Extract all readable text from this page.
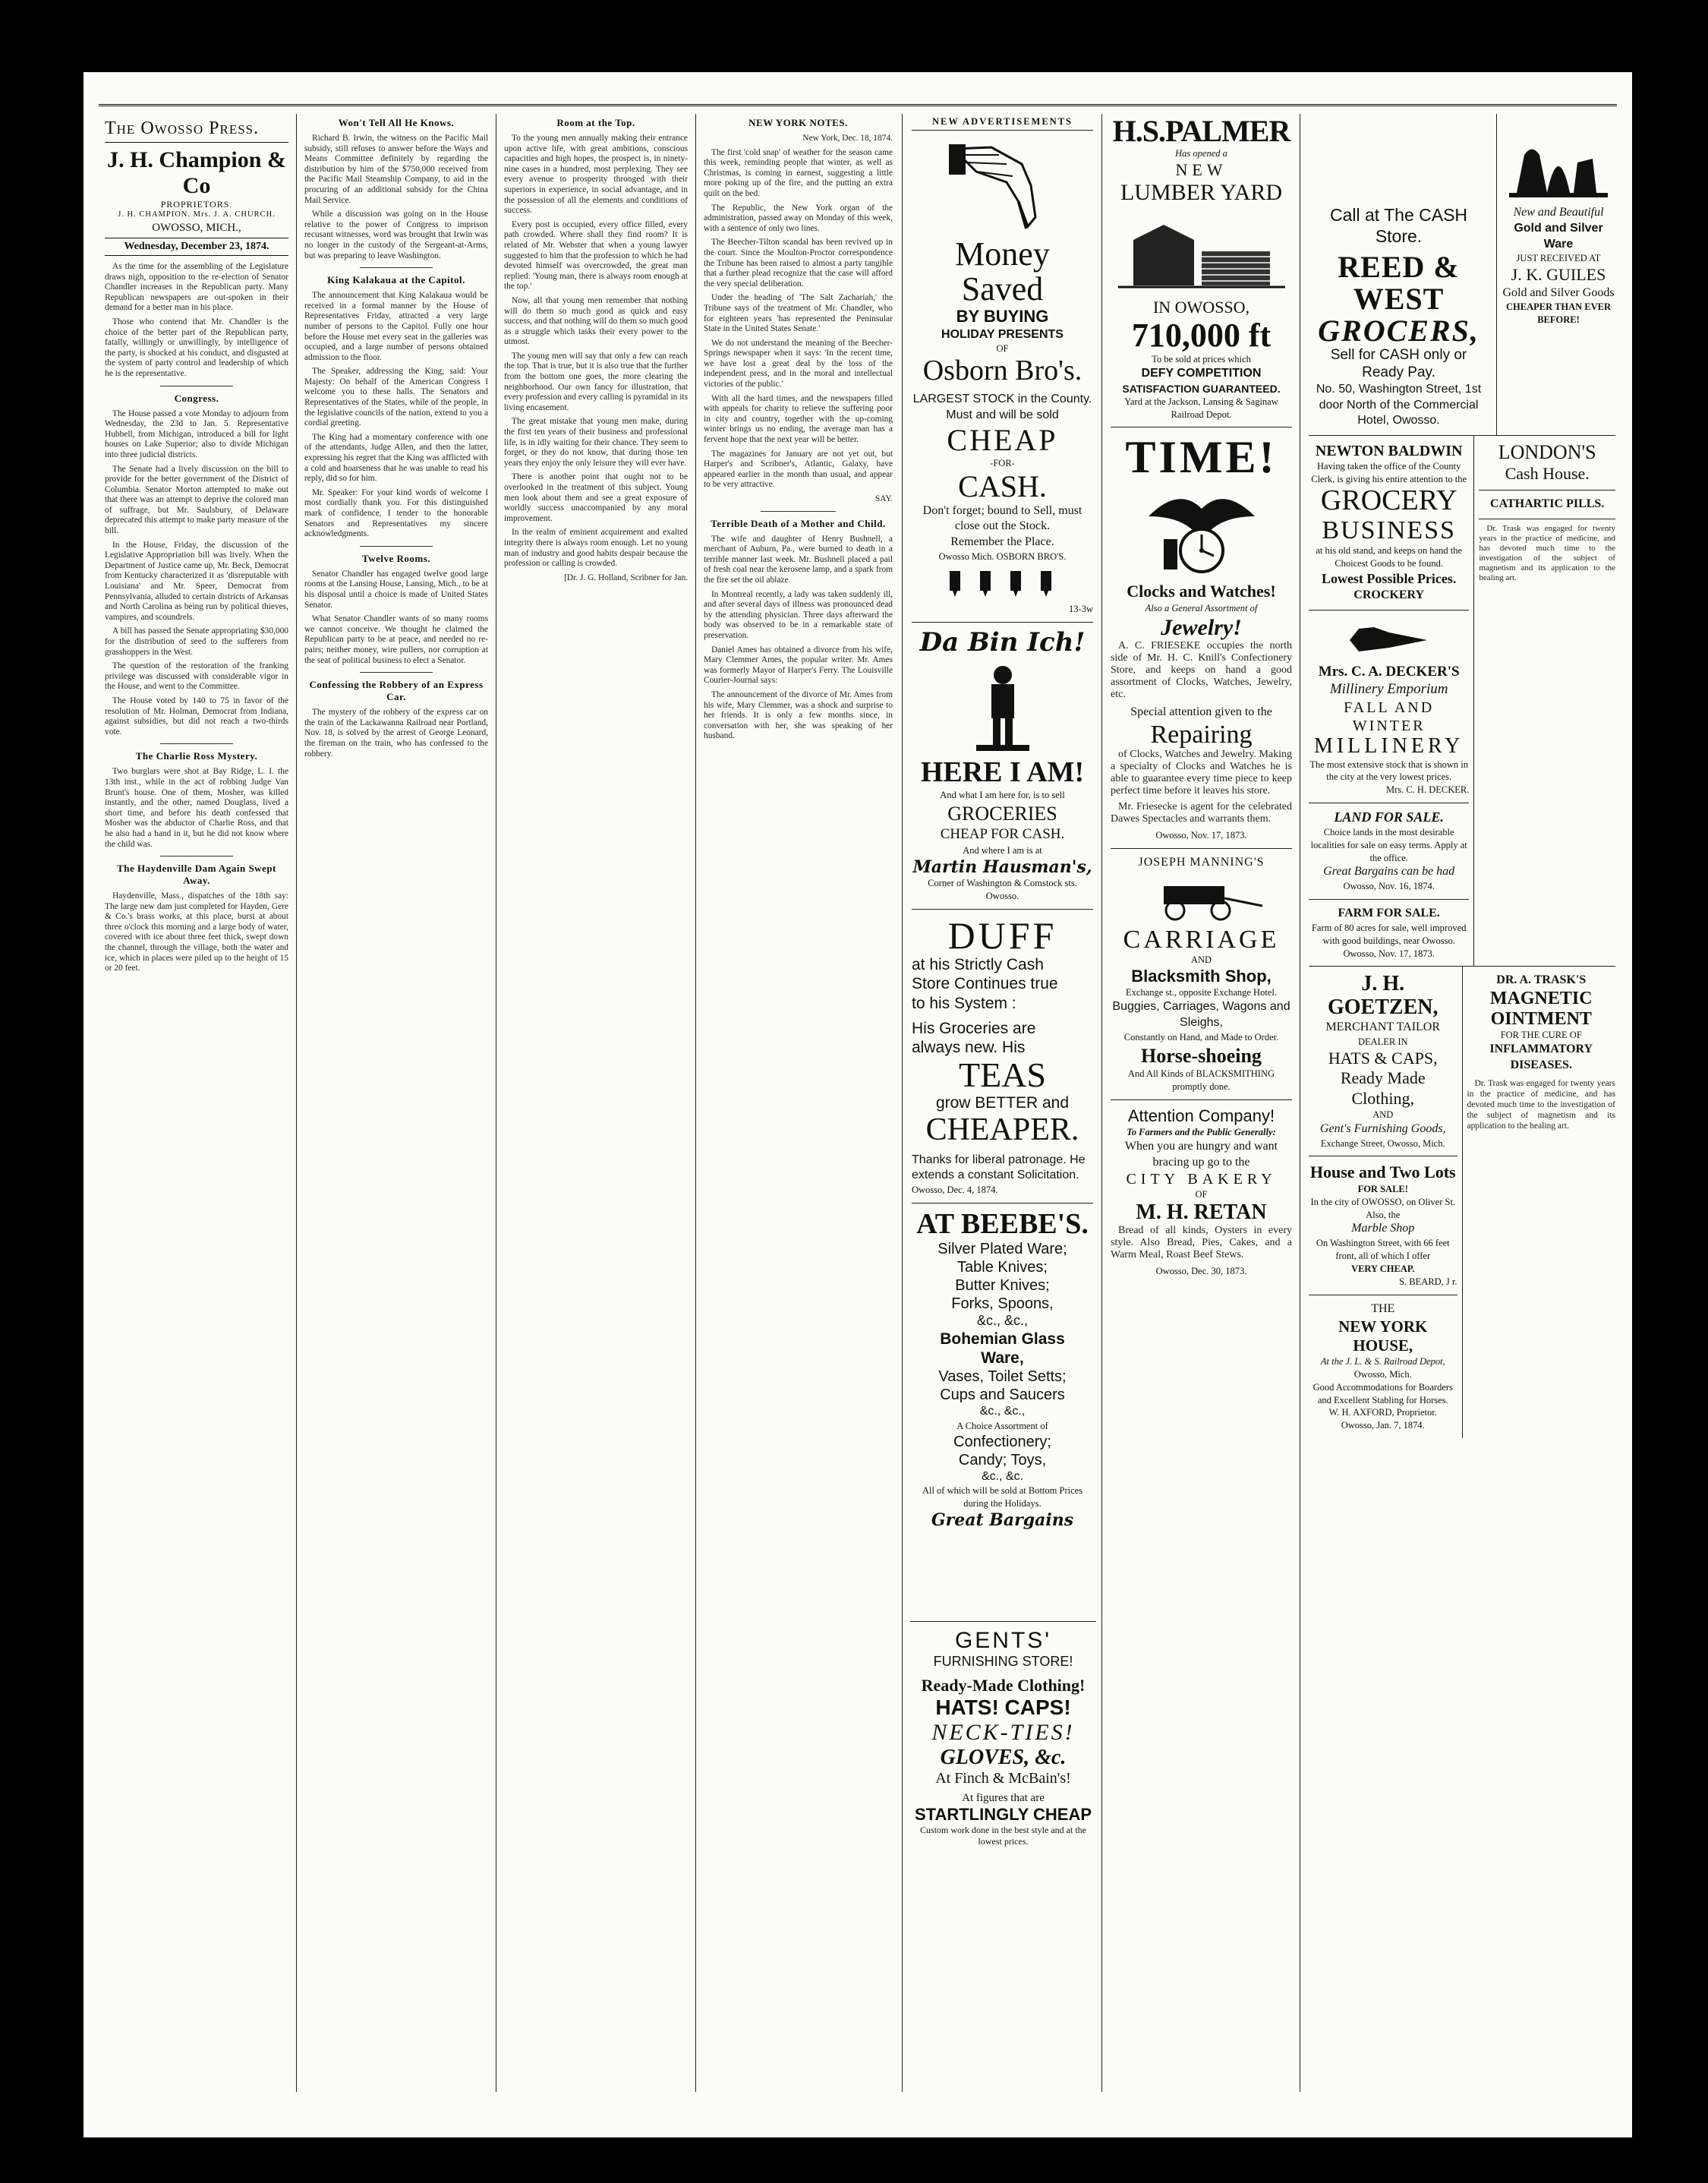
The Owosso Press.
J. H. Champion & Co
PROPRIETORS.
J. H. CHAMPION. Mrs. J. A. CHURCH.
OWOSSO, MICH.,
Wednesday, December 23, 1874.

As the time for the assembling of the Legislature draws nigh, opposition to the re-election of Senator Chandler increases in the Republican party. Many Republican newspapers are out-spoken in their demand for a better man in his place.

Those who contend that Mr. Chandler is the choice of the better part of the Republican party, fatally, willingly or unwillingly, by intelligence of the party, is shocked at his conduct, and disgusted at the system of party control and leadership of which he is the representative.

Congress.

The House passed a vote Monday to adjourn from Wednesday, the 23d to Jan. 5. Representative Hubbell, from Michigan, introduced a bill for light houses on Lake Superior; also to divide Michigan into three judicial districts.

The Senate had a lively discussion on the bill to provide for the better government of the District of Columbia. Senator Morton attempted to make out that there was an attempt to deprive the colored man of suffrage, but Mr. Saulsbury, of Delaware deprecated this attempt to make party measure of the bill.

In the House, Friday, the discussion of the Legislative Appropriation bill was lively. When the Department of Justice came up, Mr. Beck, Democrat from Kentucky characterized it as 'disreputable with Louisiana' and Mr. Speer, Democrat from Pennsylvania, alluded to certain districts of Arkansas and North Carolina as being run by political thieves, vampires, and scoundrels.

A bill has passed the Senate appropriating $30,000 for the distribution of seed to the sufferers from grasshoppers in the West.

The question of the restoration of the franking privilege was discussed with considerable vigor in the House, and went to the Committee.

The House voted by 140 to 75 in favor of the resolution of Mr. Holman, Democrat from Indiana, against subsidies, but did not reach a two-thirds vote.

The Charlie Ross Mystery.

Two burglars were shot at Bay Ridge, L. I. the 13th inst., while in the act of robbing Judge Van Brunt's house. One of them, Mosher, was killed instantly, and the other, named Douglass, lived a short time, and before his death confessed that Mosher was the abductor of Charlie Ross, and that he also had a hand in it, but he did not know where the child was.

The Haydenville Dam Again Swept Away.

Haydenville, Mass., dispatches of the 18th say: The large new dam just completed for Hayden, Gere & Co.'s brass works, at this place, burst at about three o'clock this morning and a large body of water, covered with ice about three feet thick, swept down the channel, through the village, both the water and ice, which in places were piled up to the height of 15 or 20 feet.

Won't Tell All He Knows.

Richard B. Irwin, the witness on the Pacific Mail subsidy, still refuses to answer before the Ways and Means Committee definitely by regarding the distribution by him of the $750,000 received from the Pacific Mail Steamship Company, to aid in the procuring of an additional subsidy for the China Mail Service.

While a discussion was going on in the House relative to the power of Congress to imprison recusant witnesses, word was brought that Irwin was no longer in the custody of the Sergeant-at-Arms, but was preparing to leave Washington.

King Kalakaua at the Capitol.

The announcement that King Kalakaua would be received in a formal manner by the House of Representatives Friday, attracted a very large number of persons to the Capitol. Fully one hour before the House met every seat in the galleries was occupied, and a large number of persons obtained admission to the floor.

The Speaker, addressing the King, said: Your Majesty: On behalf of the American Congress I welcome you to these halls. The Senators and Representatives of the States, while of the people, in the legislative councils of the nation, extend to you a cordial greeting.

The King had a momentary conference with one of the attendants, Judge Allen, and then the latter, expressing his regret that the King was afflicted with a cold and hoarseness that he was unable to read his reply, did so for him.

Mr. Speaker: For your kind words of welcome I most cordially thank you. For this distinguished mark of confidence, I tender to the honorable Senators and Representatives my sincere acknowledgments.

Twelve Rooms.

Senator Chandler has engaged twelve good large rooms at the Lansing House, Lansing, Mich., to be at his disposal until a choice is made of United States Senator.

What Senator Chandler wants of so many rooms we cannot conceive. We thought he claimed the Republican party to be at peace, and needed no re-pairs; neither money, wire pullers, nor corruption at the seat of political business to elect a Senator.

Confessing the Robbery of an Express Car.

The mystery of the robbery of the express car on the train of the Lackawanna Railroad near Portland, Nov. 18, is solved by the arrest of George Leonard, the fireman on the train, who has confessed to the robbery.

Room at the Top.

To the young men annually making their entrance upon active life, with great ambitions, conscious capacities and high hopes, the prospect is, in ninety-nine cases in a hundred, most perplexing. They see every avenue to prosperity thronged with their superiors in experience, in social advantage, and in the possession of all the elements and conditions of success.

Every post is occupied, every office filled, every path crowded. Where shall they find room? It is related of Mr. Webster that when a young lawyer suggested to him that the profession to which he had devoted himself was overcrowded, the great man replied: 'Young man, there is always room enough at the top.'

Now, all that young men remember that nothing will do them so much good as quick and easy success, and that nothing will do them so much good as a struggle which tasks their every power to the utmost.

The young men will say that only a few can reach the top. That is true, but it is also true that the further from the bottom one goes, the more clearing the neighborhood. Our own fancy for illustration, that every profession and every calling is pyramidal in its living encasement.

The great mistake that young men make, during the first ten years of their business and professional life, is in idly waiting for their chance. They seem to forget, or they do not know, that during those ten years they enjoy the only leisure they will ever have.

There is another point that ought not to be overlooked in the treatment of this subject. Young men look about them and see a great exposure of worldly success unaccompanied by any moral improvement.

In the realm of eminent acquirement and exalted integrity there is always room enough. Let no young man of industry and good habits despair because the profession or calling is crowded.

[Dr. J. G. Holland, Scribner for Jan.

NEW YORK NOTES.

New York, Dec. 18, 1874.

The first 'cold snap' of weather for the season came this week, reminding people that winter, as well as Christmas, is coming in earnest, suggesting a little more poking up of the fire, and the putting an extra quilt on the bed.

The Republic, the New York organ of the administration, passed away on Monday of this week, with a sentence of only two lines.

The Beecher-Tilton scandal has been revived up in the court. Since the Moulton-Proctor correspondence the Tribune has been raised to almost a party tangible that a further plead recognize that the case will afford the very special deliberation.

Under the heading of 'The Salt Zachariah,' the Tribune says of the treatment of Mr. Chandler, who for eighteen years 'has represented the Peninsular State in the United States Senate.'

We do not understand the meaning of the Beecher-Springs newspaper when it says: 'In the recent time, we have lost a great deal by the loss of the independent press, and in the moral and intellectual victories of the public.'

With all the hard times, and the newspapers filled with appeals for charity to relieve the suffering poor in city and country, together with the up-coming winter brings us no ending, the average man has a fervent hope that the next year will be better.

The magazines for January are not yet out, but Harper's and Scribner's, Atlantic, Galaxy, have appeared earlier in the month than usual, and appear to be very attractive.

SAY.

Terrible Death of a Mother and Child.

The wife and daughter of Henry Bushnell, a merchant of Auburn, Pa., were burned to death in a terrible manner last week. Mr. Bushnell placed a pail of fresh coal near the kerosene lamp, and a spark from the fire set the oil ablaze.

In Montreal recently, a lady was taken suddenly ill, and after several days of illness was pronounced dead by the attending physician. Three days afterward the body was observed to be in a remarkable state of preservation.

Daniel Ames has obtained a divorce from his wife, Mary Clemmer Ames, the popular writer. Mr. Ames was formerly Mayor of Harper's Ferry. The Louisville Courier-Journal says:

The announcement of the divorce of Mr. Ames from his wife, Mary Clemmer, was a shock and surprise to her friends. It is only a few months since, in conversation with her, she was speaking of her husband.

NEW ADVERTISEMENTS
Money Saved
BY BUYING
HOLIDAY PRESENTS
OF
Osborn Bro's.
LARGEST STOCK in the County. Must and will be sold
CHEAP
-FOR-
CASH.
Don't forget; bound to Sell, must close out the Stock.
Remember the Place.
Owosso Mich. OSBORN BRO'S.
13-3w
Da Bin Ich!
HERE I AM!
And what I am here for, is to sell
GROCERIES
CHEAP FOR CASH.
And where I am is at
Martin Hausman's,
Corner of Washington & Comstock sts. Owosso.
DUFF
at his Strictly Cash
Store Continues true
to his System :
His Groceries are
always new. His
TEAS
grow BETTER and
CHEAPER.
Thanks for liberal patronage. He extends a constant Solicitation.
Owosso, Dec. 4, 1874.
AT BEEBE'S.
Silver Plated Ware;
Table Knives;
Butter Knives;
Forks, Spoons,
&c., &c.,
Bohemian Glass
Ware,
Vases, Toilet Setts;
Cups and Saucers
&c., &c.,
A Choice Assortment of
Confectionery;
Candy; Toys,
&c., &c.
All of which will be sold at Bottom Prices during the Holidays.
Great Bargains
H.S.PALMER
Has opened a
NEW
LUMBER YARD
IN OWOSSO,
710,000 ft
To be sold at prices which
DEFY COMPETITION
SATISFACTION GUARANTEED.
Yard at the Jackson, Lansing & Saginaw Railroad Depot.
TIME!
Clocks and Watches!
Also a General Assortment of
Jewelry!

A. C. FRIESEKE occupies the north side of Mr. H. C. Knill's Confectionery Store, and keeps on hand a good assortment of Clocks, Watches, Jewelry, etc.

Special attention given to the
Repairing

of Clocks, Watches and Jewelry. Making a specialty of Clocks and Watches he is able to guarantee every time piece to keep perfect time before it leaves his store.

Mr. Friesecke is agent for the celebrated Dawes Spectacles and warrants them.

Owosso, Nov. 17, 1873.
JOSEPH MANNING'S
CARRIAGE
AND
Blacksmith Shop,
Exchange st., opposite Exchange Hotel.
Buggies, Carriages, Wagons and Sleighs,
Constantly on Hand, and Made to Order.
Horse-shoeing
And All Kinds of BLACKSMITHING promptly done.
Attention Company!
To Farmers and the Public Generally:
When you are hungry and want bracing up go to the
CITY BAKERY
OF
M. H. RETAN

Bread of all kinds, Oysters in every style. Also Bread, Pies, Cakes, and a Warm Meal, Roast Beef Stews.

Owosso, Dec. 30, 1873.
Call at The CASH Store.
REED & WEST
GROCERS,
Sell for CASH only or Ready Pay.
No. 50, Washington Street, 1st door North of the Commercial Hotel, Owosso.
New and Beautiful
Gold and Silver Ware
JUST RECEIVED AT
J. K. GUILES
Gold and Silver Goods
CHEAPER THAN EVER BEFORE!
NEWTON BALDWIN
Having taken the office of the County Clerk, is giving his entire attention to the
GROCERY
BUSINESS
at his old stand, and keeps on hand the Choicest Goods to be found.
Lowest Possible Prices.
CROCKERY
Mrs. C. A. DECKER'S
Millinery Emporium
FALL AND WINTER
MILLINERY
The most extensive stock that is shown in the city at the very lowest prices.
Mrs. C. H. DECKER.
LAND FOR SALE.
Choice lands in the most desirable localities for sale on easy terms. Apply at the office.
Great Bargains can be had
Owosso, Nov. 16, 1874.
FARM FOR SALE.
Farm of 80 acres for sale, well improved with good buildings, near Owosso.
Owosso, Nov. 17, 1873.
LONDON'S
Cash House.
CATHARTIC PILLS.

Dr. Trask was engaged for twenty years in the practice of medicine, and has devoted much time to the investigation of the subject of magnetism and its application to the healing art.

J. H. GOETZEN,
MERCHANT TAILOR
DEALER IN
HATS & CAPS,
Ready Made Clothing,
AND
Gent's Furnishing Goods,
Exchange Street, Owosso, Mich.
House and Two Lots
FOR SALE!
In the city of OWOSSO, on Oliver St.
Also, the
Marble Shop
On Washington Street, with 66 feet front, all of which I offer
VERY CHEAP.
S. BEARD, J r.
THE
NEW YORK HOUSE,
At the J. L. & S. Railroad Depot,
Owosso, Mich.
Good Accommodations for Boarders and Excellent Stabling for Horses.
W. H. AXFORD, Proprietor.
Owosso, Jan. 7, 1874.
DR. A. TRASK'S
MAGNETIC OINTMENT
FOR THE CURE OF
INFLAMMATORY DISEASES.

Dr. Trask was engaged for twenty years in the practice of medicine, and has devoted much time to the investigation of the subject of magnetism and its application to the healing art.

GENTS'
FURNISHING STORE!
Ready-Made Clothing!
HATS! CAPS!
NECK-TIES!
GLOVES, &c.
At Finch & McBain's!
At figures that are
STARTLINGLY CHEAP
Custom work done in the best style and at the lowest prices.
